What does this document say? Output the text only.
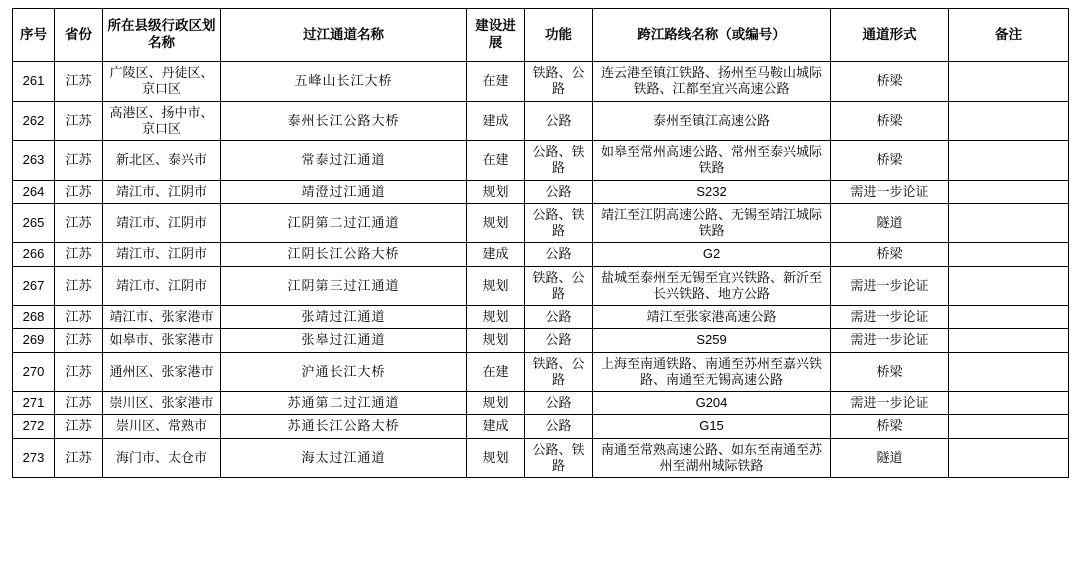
序号	省份	所在县级行政区划名称	过江通道名称	建设进展	功能	跨江路线名称（或编号）	通道形式	备注
261	江苏	广陵区、丹徒区、京口区	五峰山长江大桥	在建	铁路、公路	连云港至镇江铁路、扬州至马鞍山城际铁路、江都至宜兴高速公路	桥梁	
262	江苏	高港区、扬中市、京口区	泰州长江公路大桥	建成	公路	泰州至镇江高速公路	桥梁	
263	江苏	新北区、泰兴市	常泰过江通道	在建	公路、铁路	如皋至常州高速公路、常州至泰兴城际铁路	桥梁	
264	江苏	靖江市、江阴市	靖澄过江通道	规划	公路	S232	需进一步论证	
265	江苏	靖江市、江阴市	江阴第二过江通道	规划	公路、铁路	靖江至江阴高速公路、无锡至靖江城际铁路	隧道	
266	江苏	靖江市、江阴市	江阴长江公路大桥	建成	公路	G2	桥梁	
267	江苏	靖江市、江阴市	江阴第三过江通道	规划	铁路、公路	盐城至泰州至无锡至宜兴铁路、新沂至长兴铁路、地方公路	需进一步论证	
268	江苏	靖江市、张家港市	张靖过江通道	规划	公路	靖江至张家港高速公路	需进一步论证	
269	江苏	如皋市、张家港市	张皋过江通道	规划	公路	S259	需进一步论证	
270	江苏	通州区、张家港市	沪通长江大桥	在建	铁路、公路	上海至南通铁路、南通至苏州至嘉兴铁路、南通至无锡高速公路	桥梁	
271	江苏	崇川区、张家港市	苏通第二过江通道	规划	公路	G204	需进一步论证	
272	江苏	崇川区、常熟市	苏通长江公路大桥	建成	公路	G15	桥梁	
273	江苏	海门市、太仓市	海太过江通道	规划	公路、铁路	南通至常熟高速公路、如东至南通至苏州至湖州城际铁路	隧道	
